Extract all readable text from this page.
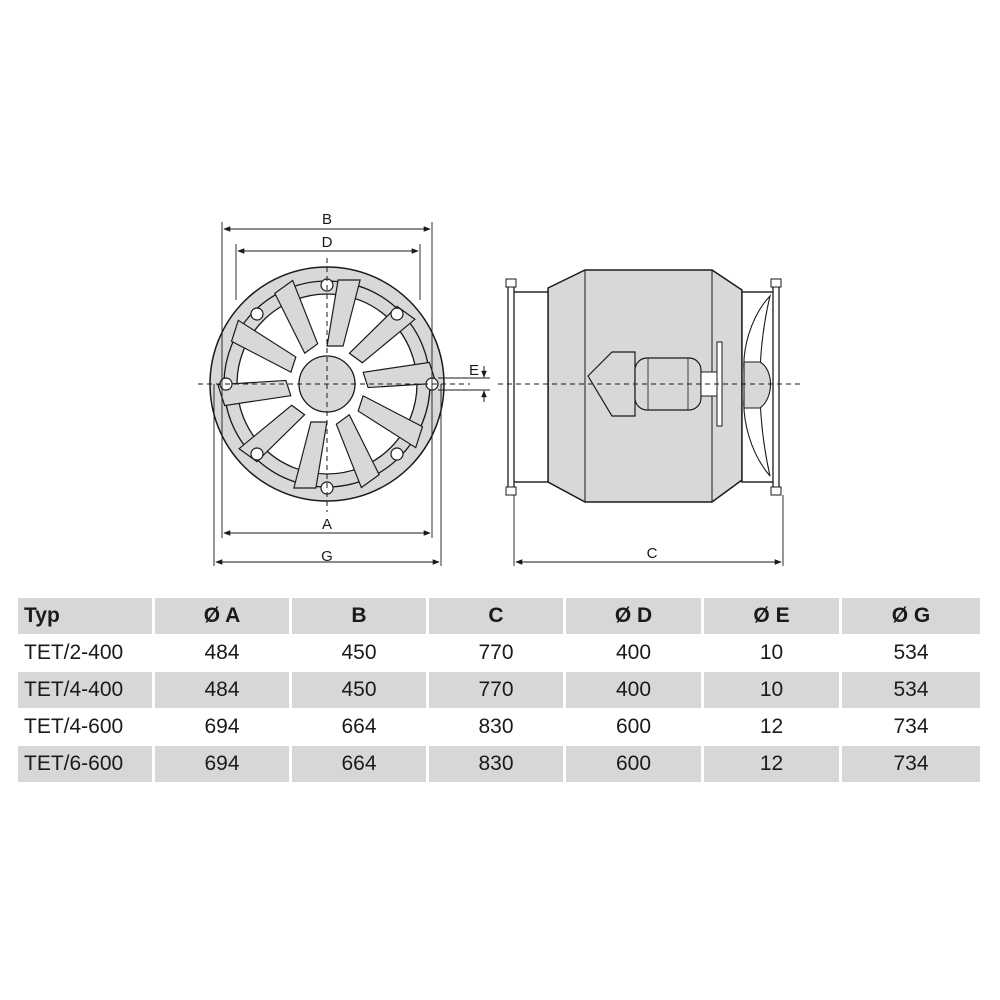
B
D
A
G
E
C
Typ	Ø A	B	C	Ø D	Ø E	Ø G
TET/2-400	484	450	770	400	10	534
TET/4-400	484	450	770	400	10	534
TET/4-600	694	664	830	600	12	734
TET/6-600	694	664	830	600	12	734
